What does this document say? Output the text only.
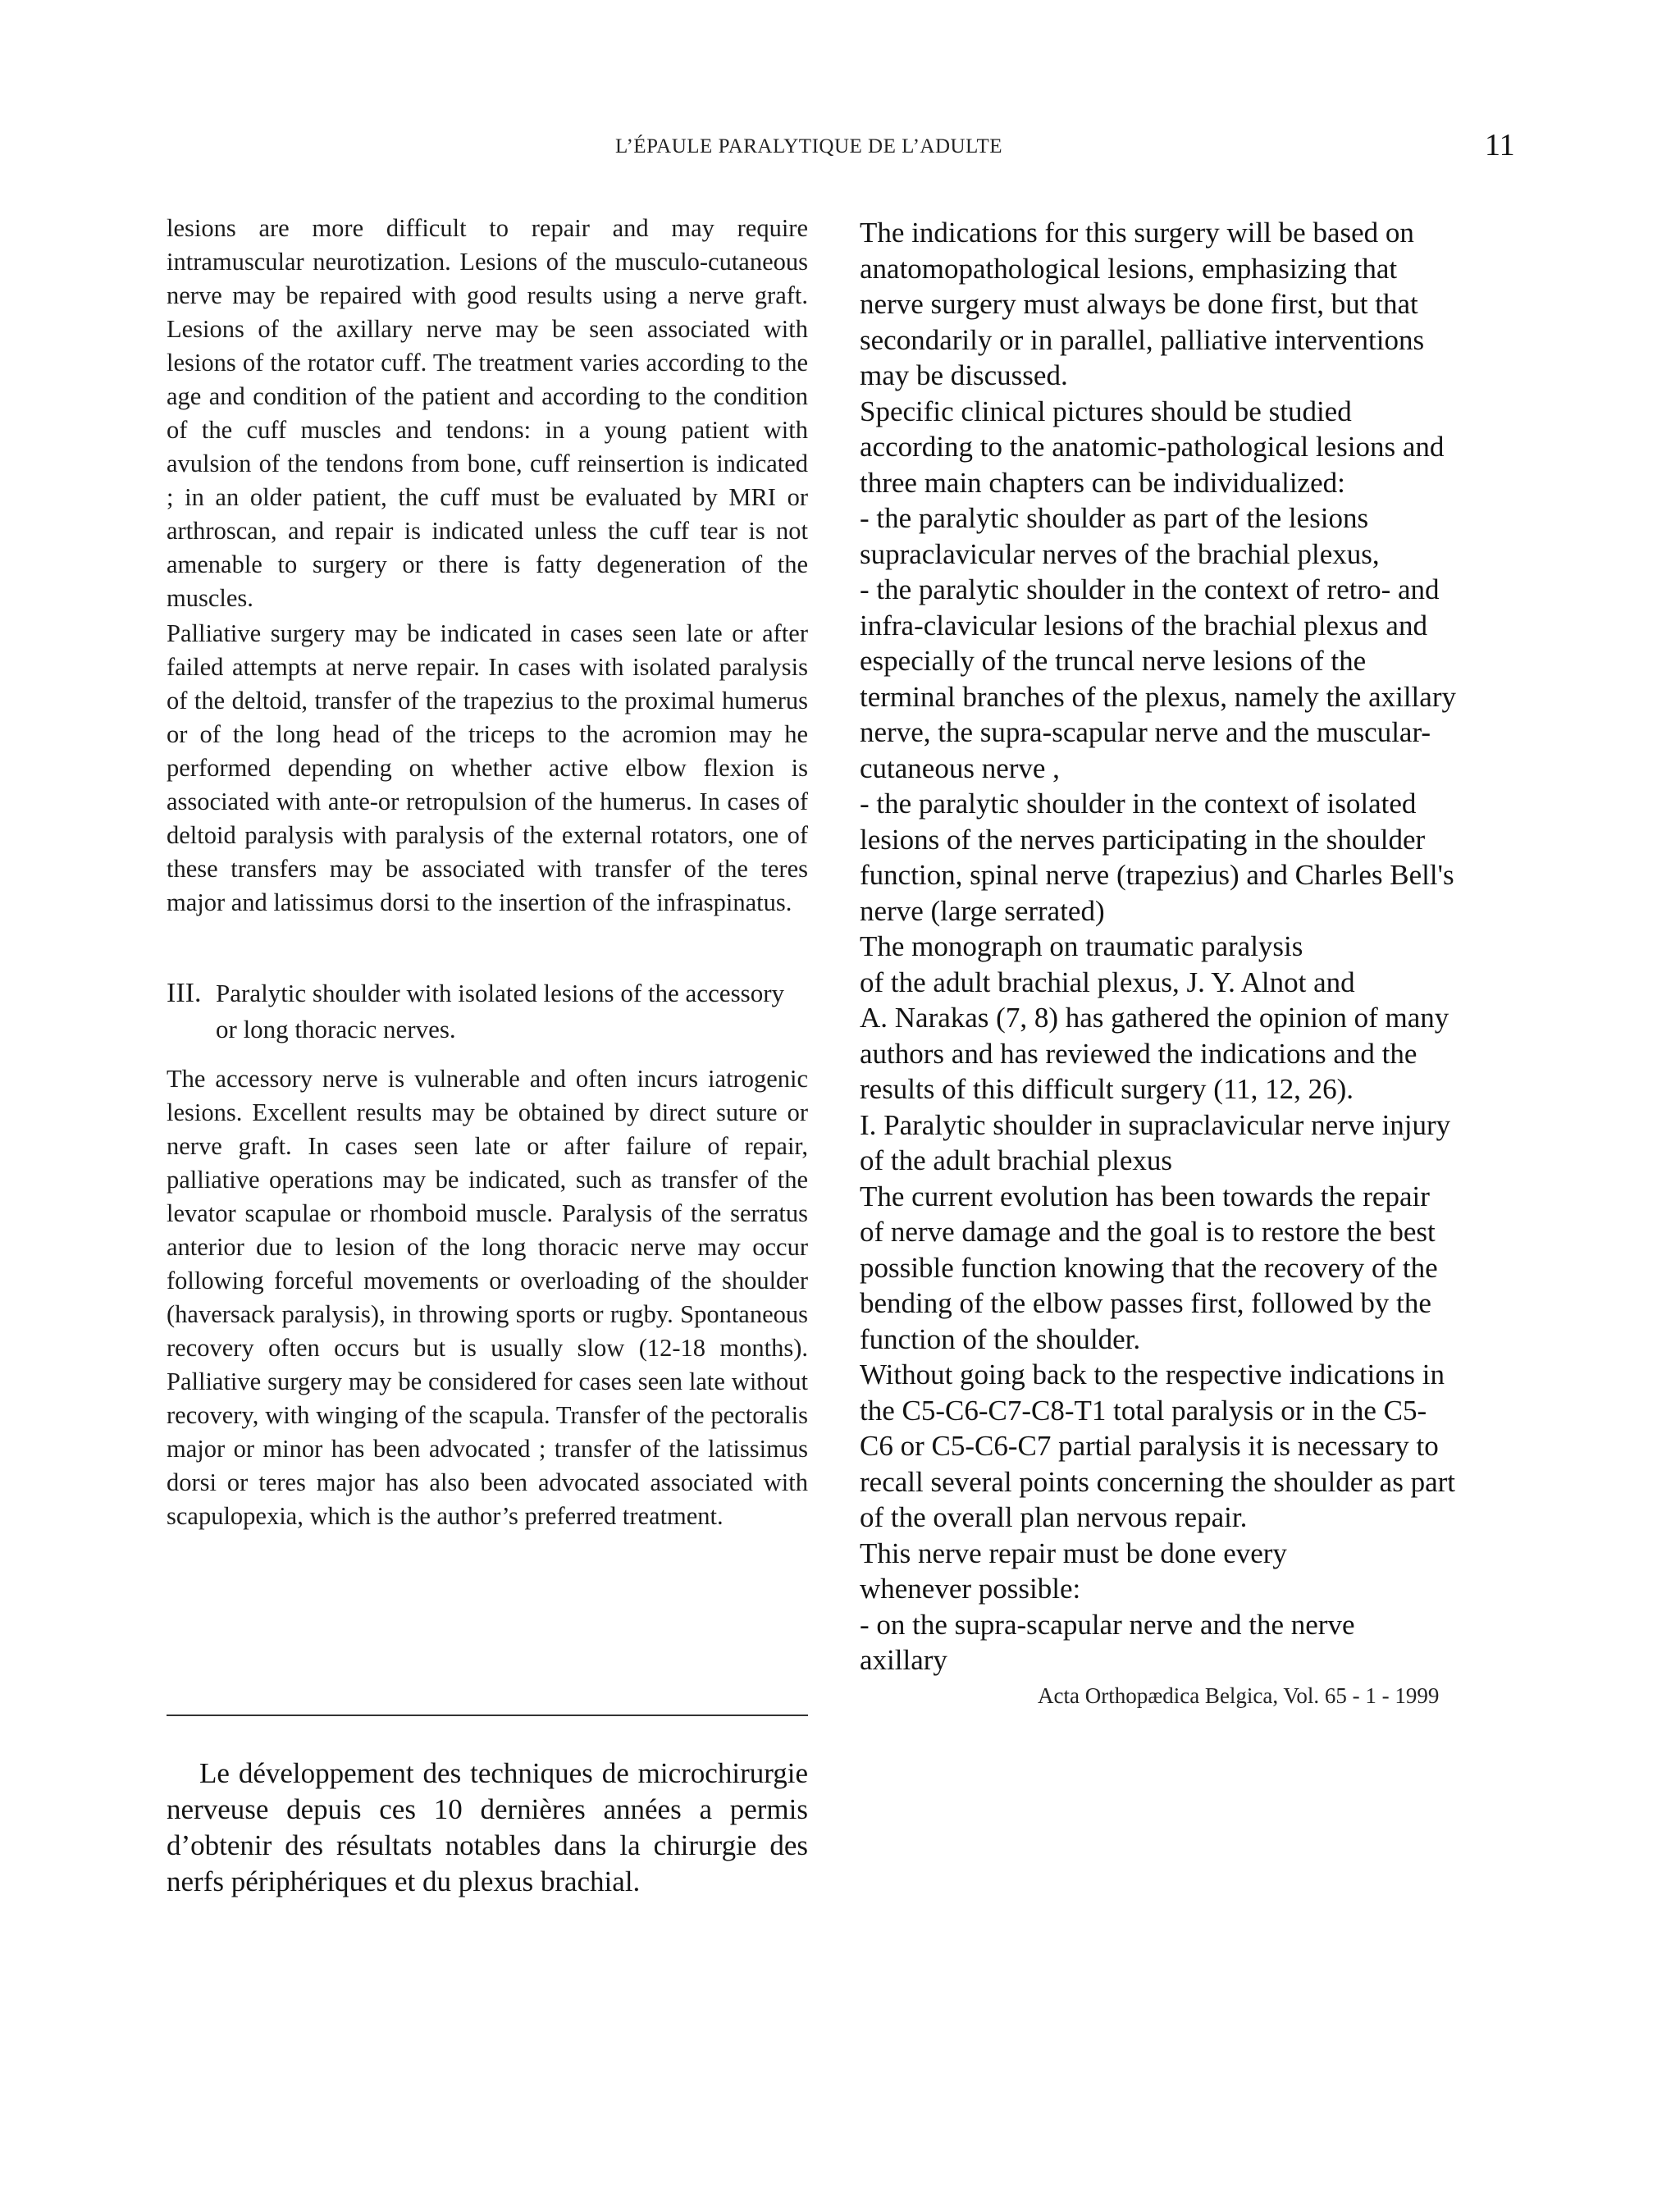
L’ÉPAULE PARALYTIQUE DE L’ADULTE	11

lesions are more difficult to repair and may require intramuscular neurotization. Lesions of the musculo-cutaneous nerve may be repaired with good results using a nerve graft. Lesions of the axillary nerve may be seen associated with lesions of the rotator cuff. The treatment varies according to the age and condition of the patient and according to the condition of the cuff muscles and tendons: in a young patient with avulsion of the tendons from bone, cuff reinsertion is indicated ; in an older patient, the cuff must be evaluated by MRI or arthroscan, and repair is indicated unless the cuff tear is not amenable to surgery or there is fatty degeneration of the muscles.

Palliative surgery may be indicated in cases seen late or after failed attempts at nerve repair. In cases with isolated paralysis of the deltoid, transfer of the trapezius to the proximal humerus or of the long head of the triceps to the acromion may he performed depending on whether active elbow flexion is associated with ante-or retropulsion of the humerus. In cases of deltoid paralysis with paralysis of the external rotators, one of these transfers may be associated with transfer of the teres major and latissimus dorsi to the insertion of the infraspinatus.

III. Paralytic shoulder with isolated lesions of the accessory or long thoracic nerves.

The accessory nerve is vulnerable and often incurs iatrogenic lesions. Excellent results may be obtained by direct suture or nerve graft. In cases seen late or after failure of repair, palliative operations may be indicated, such as transfer of the levator scapulae or rhomboid muscle. Paralysis of the serratus anterior due to lesion of the long thoracic nerve may occur following forceful movements or overloading of the shoulder (haversack paralysis), in throwing sports or rugby. Spontaneous recovery often occurs but is usually slow (12-18 months). Palliative surgery may be considered for cases seen late without recovery, with winging of the scapula. Transfer of the pectoralis major or minor has been advocated ; transfer of the latissimus dorsi or teres major has also been advocated associated with scapulopexia, which is the author’s preferred treatment.

Le développement des techniques de microchirurgie nerveuse depuis ces 10 dernières années a permis d’obtenir des résultats notables dans la chirurgie des nerfs périphériques et du plexus brachial.

The indications for this surgery will be based on
anatomopathological lesions, emphasizing that
nerve surgery must always be done first, but that
secondarily or in parallel, palliative interventions
may be discussed.
Specific clinical pictures should be studied
according to the anatomic-pathological lesions and
three main chapters can be individualized:
- the paralytic shoulder as part of the lesions
supraclavicular nerves of the brachial plexus,
- the paralytic shoulder in the context of retro- and
infra-clavicular lesions of the brachial plexus and
especially of the truncal nerve lesions of the
terminal branches of the plexus, namely the axillary
nerve, the supra-scapular nerve and the muscular-
cutaneous nerve ,
- the paralytic shoulder in the context of isolated
lesions of the nerves participating in the shoulder
function, spinal nerve (trapezius) and Charles Bell's
nerve (large serrated)
The monograph on traumatic paralysis
of the adult brachial plexus, J. Y. Alnot and
A. Narakas (7, 8) has gathered the opinion of many
authors and has reviewed the indications and the
results of this difficult surgery (11, 12, 26).
I. Paralytic shoulder in supraclavicular nerve injury
of the adult brachial plexus
The current evolution has been towards the repair
of nerve damage and the goal is to restore the best
possible function knowing that the recovery of the
bending of the elbow passes first, followed by the
function of the shoulder.
Without going back to the respective indications in
the C5-C6-C7-C8-T1 total paralysis or in the C5-
C6 or C5-C6-C7 partial paralysis it is necessary to
recall several points concerning the shoulder as part
of the overall plan nervous repair.
This nerve repair must be done every
whenever possible:
- on the supra-scapular nerve and the nerve
axillary
Acta Orthopædica Belgica, Vol. 65 - 1 - 1999
